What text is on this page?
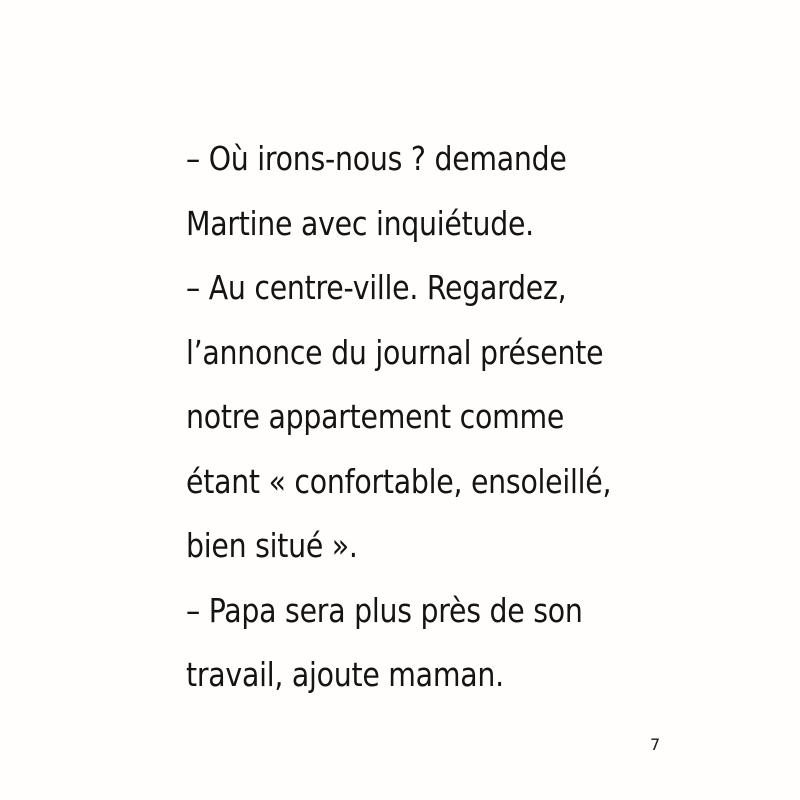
– Où irons-nous ? demande
Martine avec inquiétude.
– Au centre-ville. Regardez,
l’annonce du journal présente
notre appartement comme
étant « confortable, ensoleillé,
bien situé ».
– Papa sera plus près de son
travail, ajoute maman.
7
